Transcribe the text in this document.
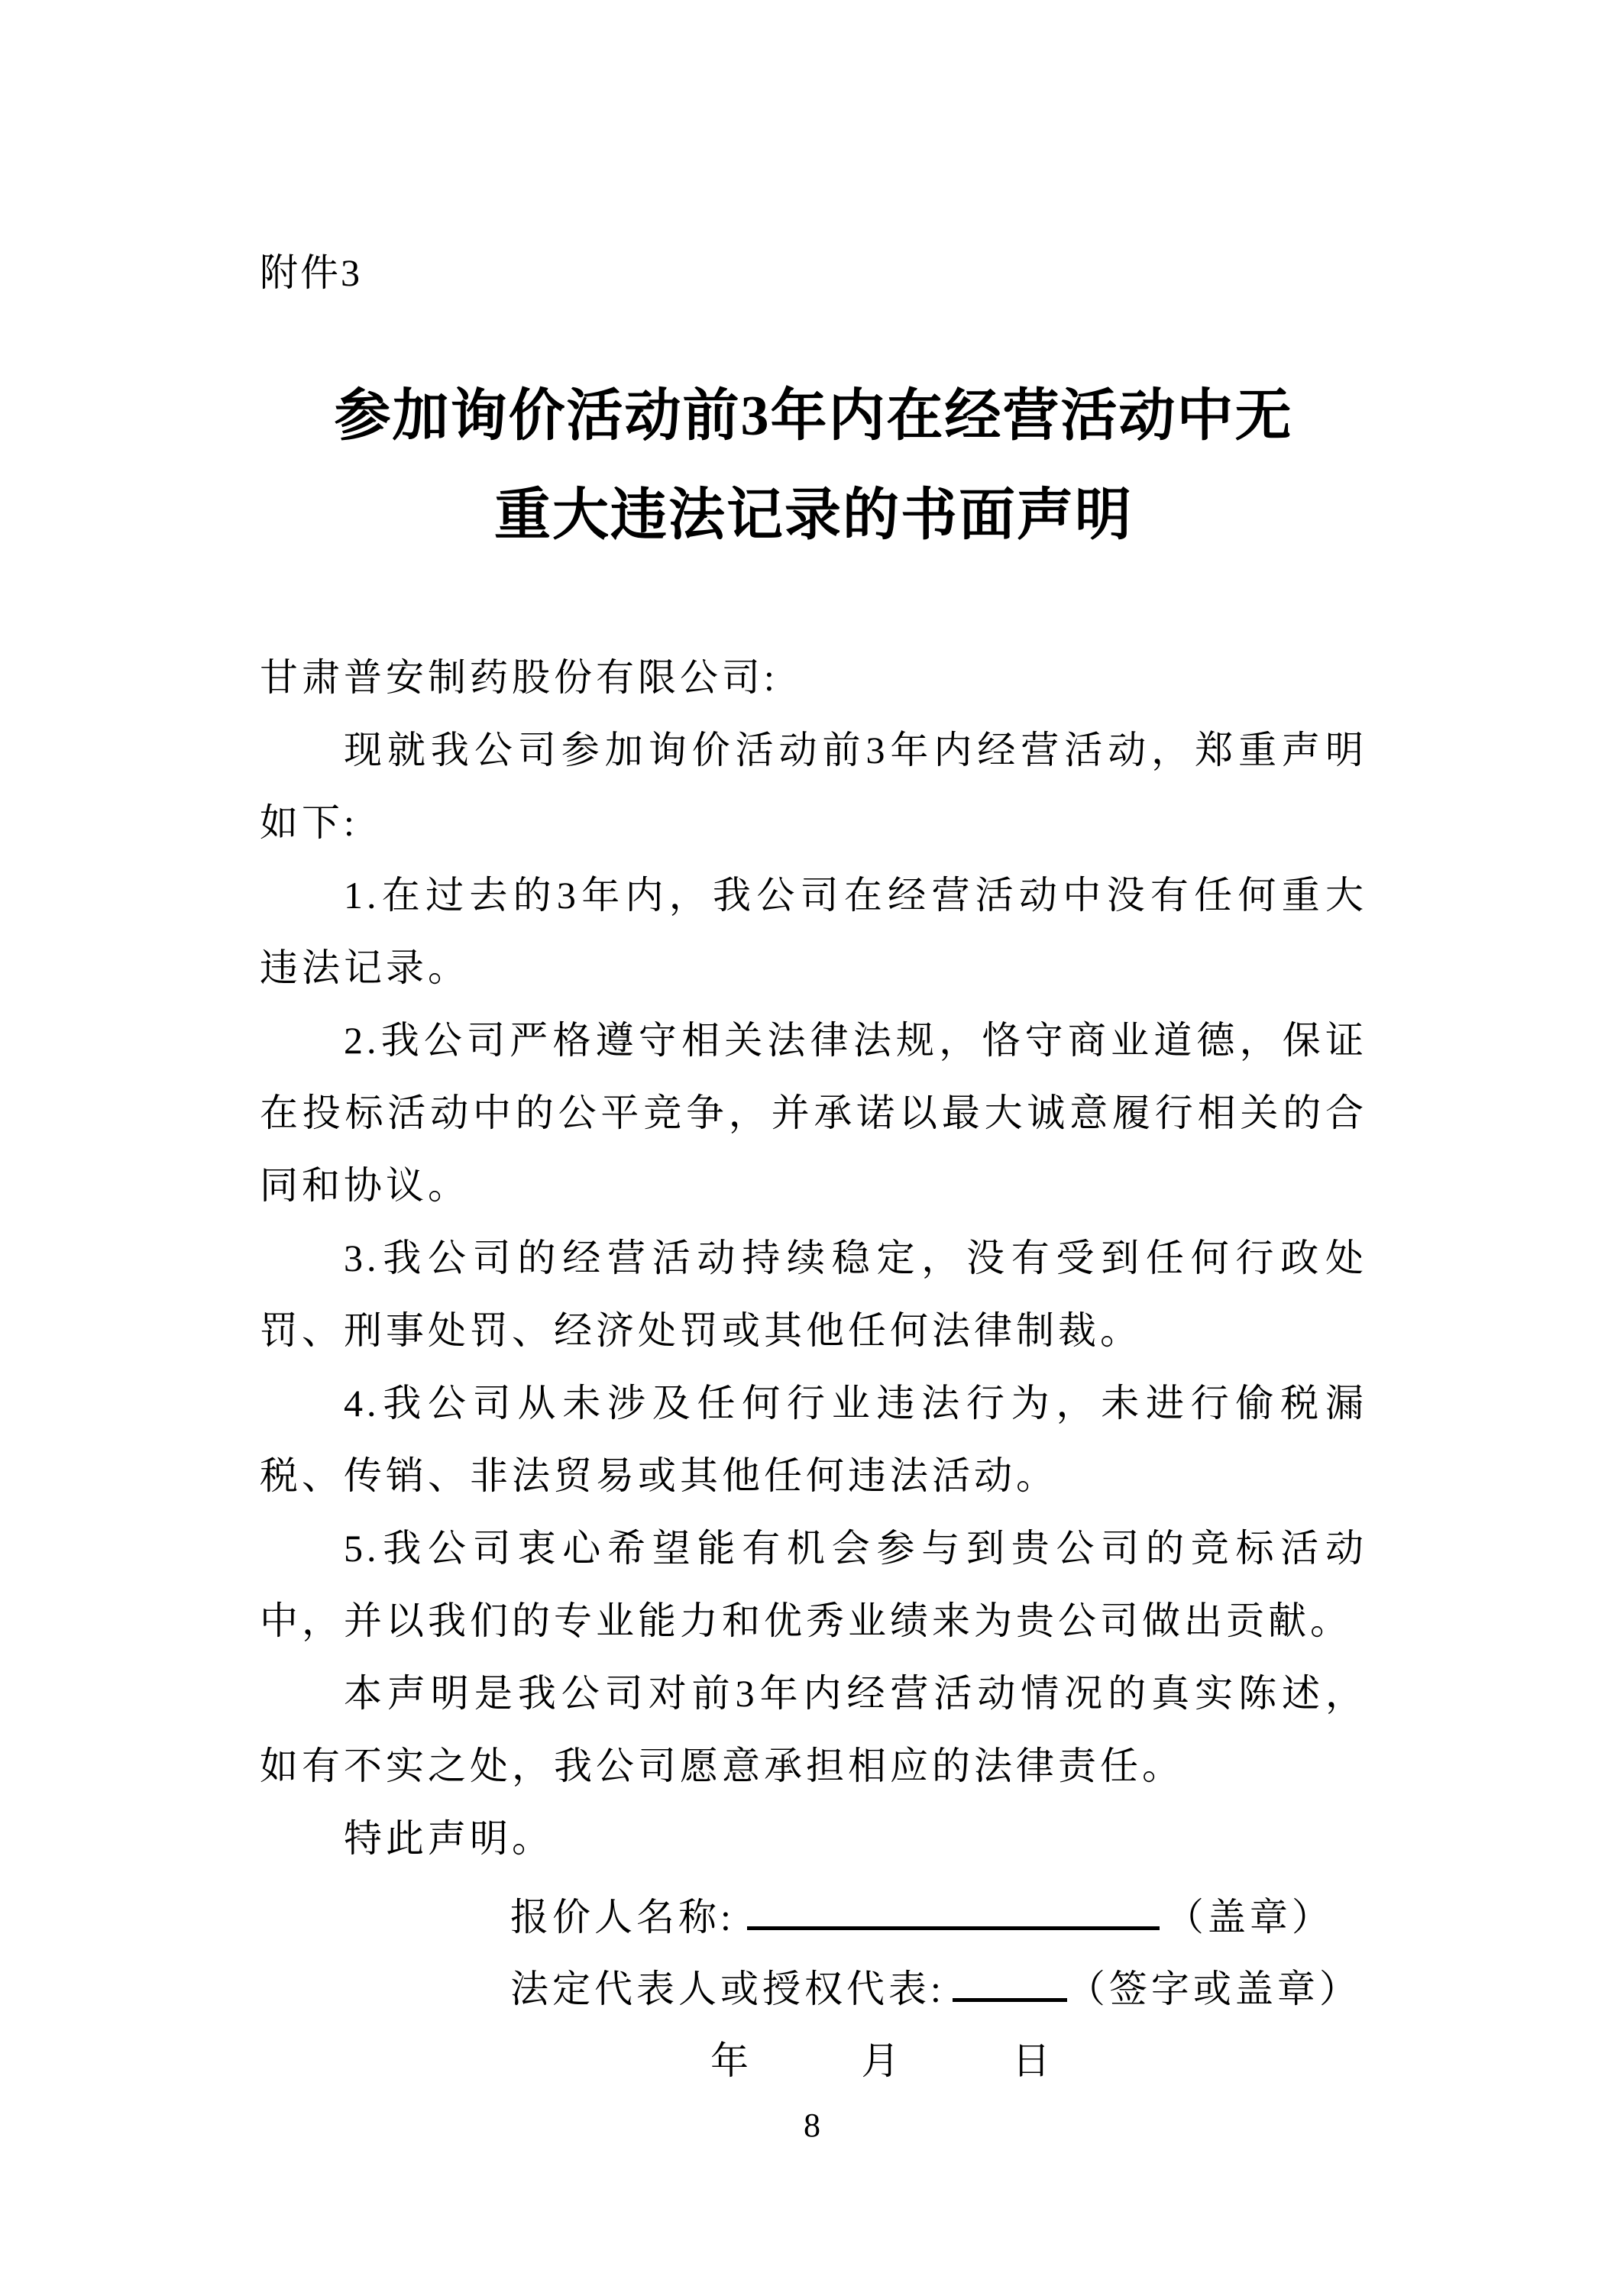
附件3
参加询价活动前3年内在经营活动中无
重大违法记录的书面声明

甘肃普安制药股份有限公司:

现就我公司参加询价活动前3年内经营活动，郑重声明如下:

1.在过去的3年内，我公司在经营活动中没有任何重大违法记录。

2.我公司严格遵守相关法律法规，恪守商业道德，保证在投标活动中的公平竞争，并承诺以最大诚意履行相关的合同和协议。

3.我公司的经营活动持续稳定，没有受到任何行政处罚、刑事处罚、经济处罚或其他任何法律制裁。

4.我公司从未涉及任何行业违法行为，未进行偷税漏税、传销、非法贸易或其他任何违法活动。

5.我公司衷心希望能有机会参与到贵公司的竞标活动中，并以我们的专业能力和优秀业绩来为贵公司做出贡献。

本声明是我公司对前3年内经营活动情况的真实陈述，如有不实之处，我公司愿意承担相应的法律责任。

特此声明。

报价人名称:	（盖章）
法定代表人或授权代表:	（签字或盖章）
年	月	日
8
